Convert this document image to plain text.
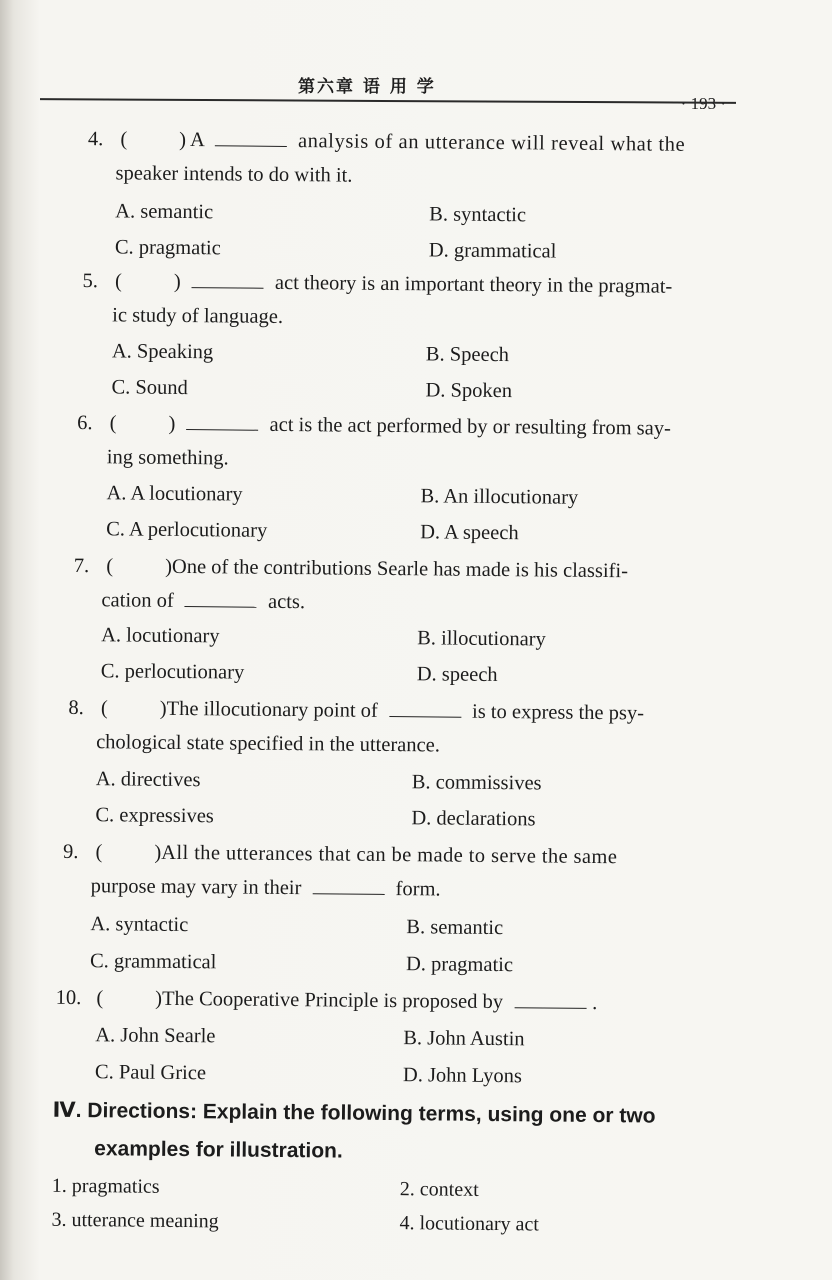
第六章 语 用 学
4. (	) A	analysis of an utterance will reveal what the
speaker intends to do with it.
A. semantic	B. syntactic
C. pragmatic	D. grammatical
5. (	)	act theory is an important theory in the pragmat-
ic study of language.
A. Speaking	B. Speech
C. Sound	D. Spoken
6. (	)	act is the act performed by or resulting from say-
ing something.
A. A locutionary	B. An illocutionary
C. A perlocutionary	D. A speech
7. (	)One of the contributions Searle has made is his classifi-
cation of	acts.
A. locutionary	B. illocutionary
C. perlocutionary	D. speech
8. (	)The illocutionary point of	is to express the psy-
chological state specified in the utterance.
A. directives	B. commissives
C. expressives	D. declarations
9. (	)All the utterances that can be made to serve the same
purpose may vary in their	form.
A. syntactic	B. semantic
C. grammatical	D. pragmatic
10. (	)The Cooperative Principle is proposed by	.
A. John Searle	B. John Austin
C. Paul Grice	D. John Lyons
Ⅳ. Directions: Explain the following terms, using one or two
examples for illustration.
1. pragmatics	2. context
3. utterance meaning	4. locutionary act
